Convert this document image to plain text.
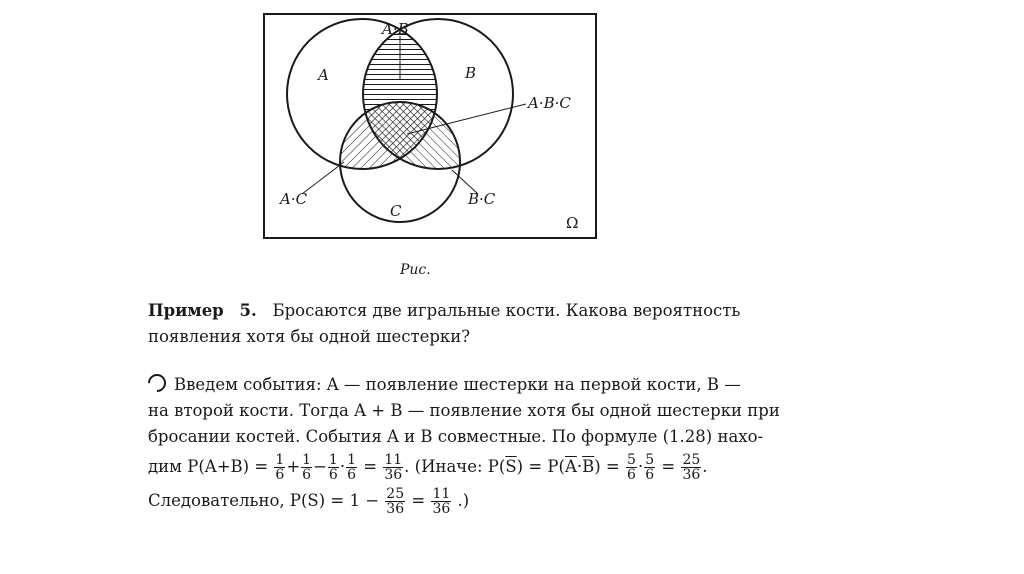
A	B
C
A·B
A·B·C
A·C	B·C
Ω
Рис.
Пример 5. Бросаются две игральные кости. Какова вероятность
появления хотя бы одной шестерки?
Введем события: A — появление шестерки на первой кости, B —
на второй кости. Тогда A + B — появление хотя бы одной шестерки при
бросании костей. События A и B совместные. По формуле (1.28) нахо-
дим $P(A+B) = \frac{1}{6} + \frac{1}{6} - \frac{1}{6} \cdot \frac{1}{6} = \frac{11}{36}$ . (Иначе: $P(\overline{S}) = P(\overline{A}\cdot\overline{B}) = \frac{5}{6} \cdot \frac{5}{6} = \frac{25}{36}$ .
Следовательно, $P(S) = 1 - \frac{25}{36} = \frac{11}{36}$ .)
